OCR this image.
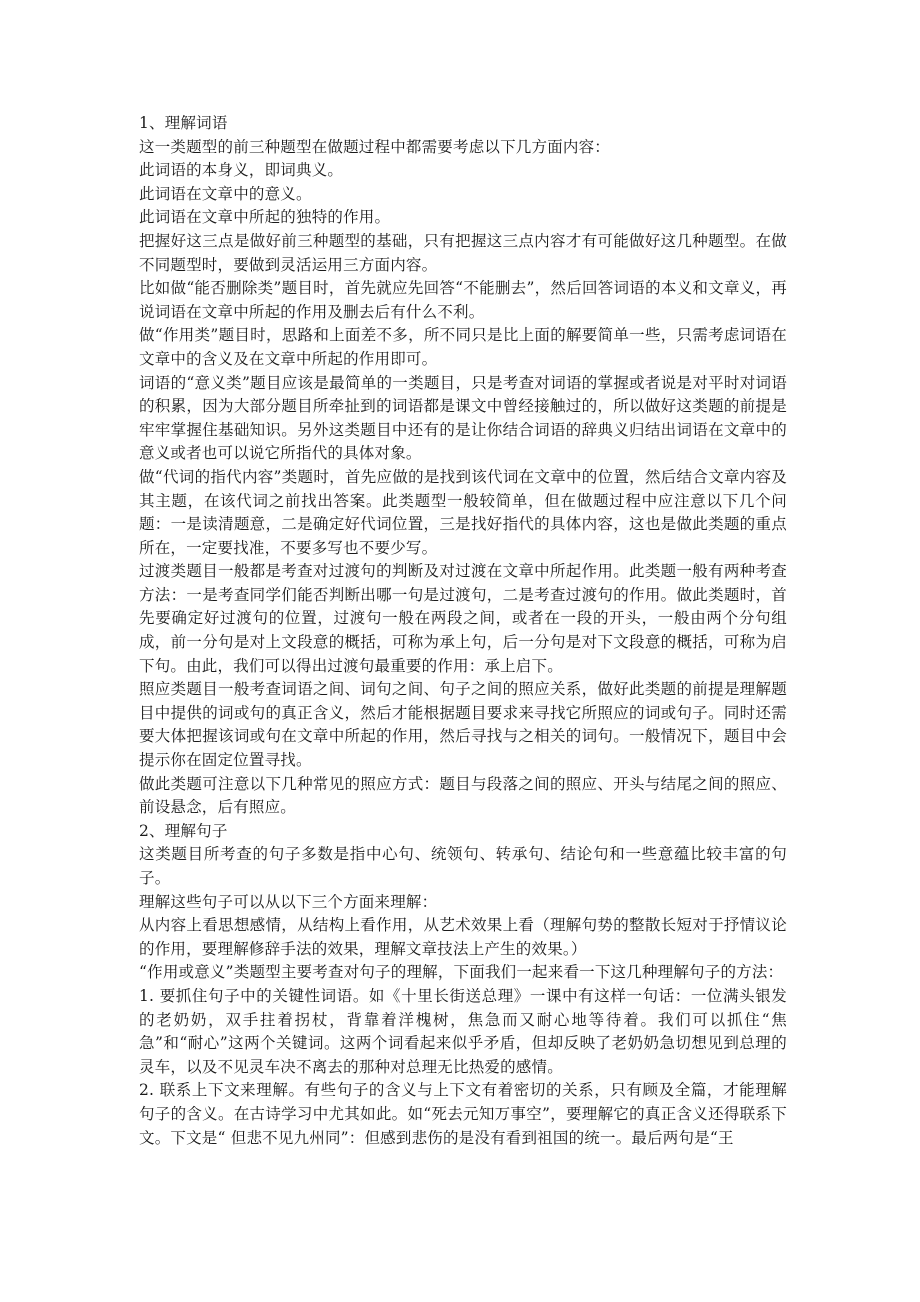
1、理解词语

这一类题型的前三种题型在做题过程中都需要考虑以下几方面内容：

此词语的本身义，即词典义。

此词语在文章中的意义。

此词语在文章中所起的独特的作用。

把握好这三点是做好前三种题型的基础，只有把握这三点内容才有可能做好这几种题型。在做不同题型时，要做到灵活运用三方面内容。

比如做“能否删除类”题目时，首先就应先回答“不能删去”，然后回答词语的本义和文章义，再说词语在文章中所起的作用及删去后有什么不利。

做“作用类”题目时，思路和上面差不多，所不同只是比上面的解要简单一些，只需考虑词语在文章中的含义及在文章中所起的作用即可。

词语的“意义类”题目应该是最简单的一类题目，只是考查对词语的掌握或者说是对平时对词语的积累，因为大部分题目所牵扯到的词语都是课文中曾经接触过的，所以做好这类题的前提是牢牢掌握住基础知识。另外这类题目中还有的是让你结合词语的辞典义归结出词语在文章中的意义或者也可以说它所指代的具体对象。

做“代词的指代内容”类题时，首先应做的是找到该代词在文章中的位置，然后结合文章内容及其主题，在该代词之前找出答案。此类题型一般较简单，但在做题过程中应注意以下几个问题：一是读清题意，二是确定好代词位置，三是找好指代的具体内容，这也是做此类题的重点所在，一定要找准，不要多写也不要少写。

过渡类题目一般都是考查对过渡句的判断及对过渡在文章中所起作用。此类题一般有两种考查方法：一是考查同学们能否判断出哪一句是过渡句，二是考查过渡句的作用。做此类题时，首先要确定好过渡句的位置，过渡句一般在两段之间，或者在一段的开头，一般由两个分句组成，前一分句是对上文段意的概括，可称为承上句，后一分句是对下文段意的概括，可称为启下句。由此，我们可以得出过渡句最重要的作用：承上启下。

照应类题目一般考查词语之间、词句之间、句子之间的照应关系，做好此类题的前提是理解题目中提供的词或句的真正含义，然后才能根据题目要求来寻找它所照应的词或句子。同时还需要大体把握该词或句在文章中所起的作用，然后寻找与之相关的词句。一般情况下，题目中会提示你在固定位置寻找。

做此类题可注意以下几种常见的照应方式：题目与段落之间的照应、开头与结尾之间的照应、前设悬念，后有照应。

2、理解句子

这类题目所考查的句子多数是指中心句、统领句、转承句、结论句和一些意蕴比较丰富的句子。

理解这些句子可以从以下三个方面来理解：

从内容上看思想感情，从结构上看作用，从艺术效果上看（理解句势的整散长短对于抒情议论的作用，要理解修辞手法的效果，理解文章技法上产生的效果。）

“作用或意义”类题型主要考查对句子的理解，下面我们一起来看一下这几种理解句子的方法：

1. 要抓住句子中的关键性词语。如《十里长街送总理》一课中有这样一句话：一位满头银发的老奶奶，双手拄着拐杖，背靠着洋槐树，焦急而又耐心地等待着。我们可以抓住“焦急”和“耐心”这两个关键词。这两个词看起来似乎矛盾，但却反映了老奶奶急切想见到总理的灵车，以及不见灵车决不离去的那种对总理无比热爱的感情。

2. 联系上下文来理解。有些句子的含义与上下文有着密切的关系，只有顾及全篇，才能理解句子的含义。在古诗学习中尤其如此。如“死去元知万事空”，要理解它的真正含义还得联系下文。下文是“ 但悲不见九州同”：但感到悲伤的是没有看到祖国的统一。最后两句是“王
